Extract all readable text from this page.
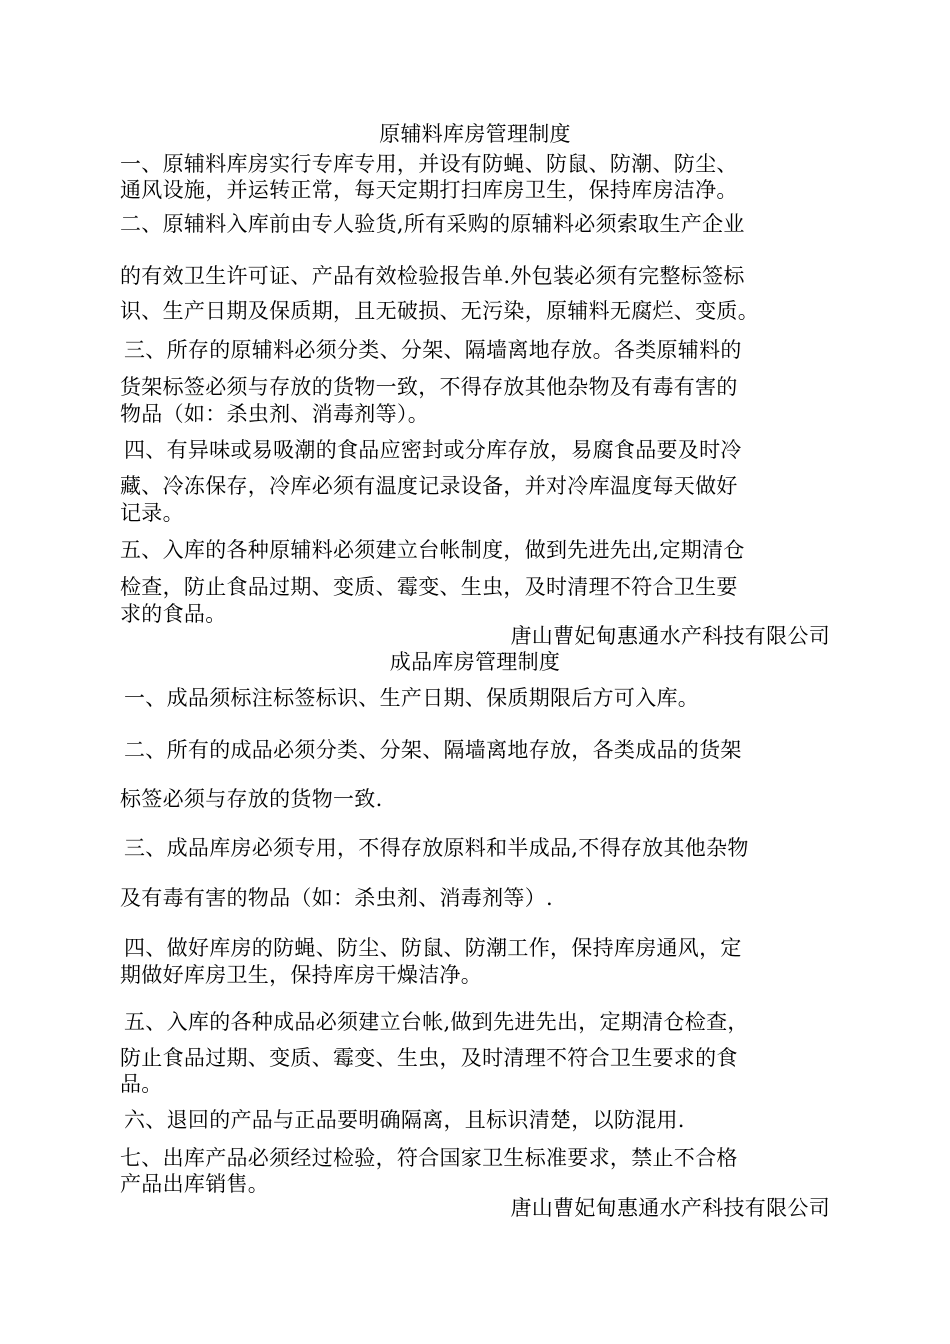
原辅料库房管理制度
一、原辅料库房实行专库专用，并设有防蝇、防鼠、防潮、防尘、
通风设施，并运转正常，每天定期打扫库房卫生，保持库房洁净。
二、原辅料入库前由专人验货,所有采购的原辅料必须索取生产企业
的有效卫生许可证、产品有效检验报告单.外包装必须有完整标签标
识、生产日期及保质期，且无破损、无污染，原辅料无腐烂、变质。
三、所存的原辅料必须分类、分架、隔墙离地存放。各类原辅料的
货架标签必须与存放的货物一致，不得存放其他杂物及有毒有害的
物品（如：杀虫剂、消毒剂等）。
四、有异味或易吸潮的食品应密封或分库存放，易腐食品要及时冷
藏、冷冻保存，冷库必须有温度记录设备，并对冷库温度每天做好
记录。
五、入库的各种原辅料必须建立台帐制度，做到先进先出,定期清仓
检查，防止食品过期、变质、霉变、生虫，及时清理不符合卫生要
求的食品。
唐山曹妃甸惠通水产科技有限公司
成品库房管理制度
一、成品须标注标签标识、生产日期、保质期限后方可入库。
二、所有的成品必须分类、分架、隔墙离地存放，各类成品的货架
标签必须与存放的货物一致.
三、成品库房必须专用，不得存放原料和半成品,不得存放其他杂物
及有毒有害的物品（如：杀虫剂、消毒剂等）.
四、做好库房的防蝇、防尘、防鼠、防潮工作，保持库房通风，定
期做好库房卫生，保持库房干燥洁净。
五、入库的各种成品必须建立台帐,做到先进先出，定期清仓检查，
防止食品过期、变质、霉变、生虫，及时清理不符合卫生要求的食
品。
六、退回的产品与正品要明确隔离，且标识清楚，以防混用.
七、出库产品必须经过检验，符合国家卫生标准要求，禁止不合格
产品出库销售。
唐山曹妃甸惠通水产科技有限公司
